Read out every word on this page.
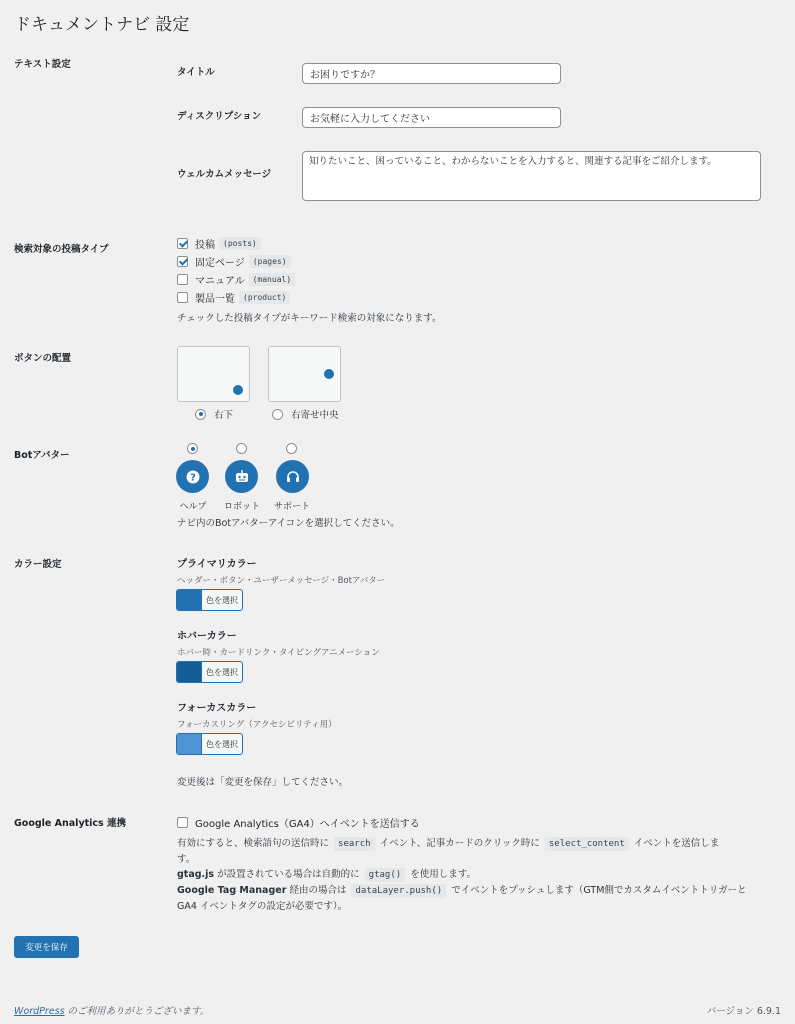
ドキュメントナビ 設定
テキスト設定
タイトル
お困りですか？
ディスクリプション
お気軽に入力してください
ウェルカムメッセージ
知りたいこと、困っていること、わからないことを入力すると、関連する記事をご紹介します。
検索対象の投稿タイプ	投稿	(posts)
固定ページ	(pages)
マニュアル	(manual)
製品一覧	(product)
チェックした投稿タイプがキーワード検索の対象になります。
ボタンの配置
右下	右寄せ中央
Botアバター
?
ヘルプ	ロボット	サポート
ナビ内のBotアバターアイコンを選択してください。
カラー設定	プライマリカラー
ヘッダー・ボタン・ユーザーメッセージ・Botアバター
色を選択
ホバーカラー
ホバー時・カードリンク・タイピングアニメーション
色を選択
フォーカスカラー
フォーカスリング（アクセシビリティ用）
色を選択
変更後は「変更を保存」してください。
Google Analytics 連携	Google Analytics（GA4）へイベントを送信する
有効にすると、検索語句の送信時に search イベント、記事カードのクリック時に select_content イベントを送信しま
す。
gtag.js が設置されている場合は自動的に gtag() を使用します。
Google Tag Manager 経由の場合は dataLayer.push() でイベントをプッシュします（GTM側でカスタムイベントトリガーと
GA4 イベントタグの設定が必要です）。
変更を保存
WordPress のご利用ありがとうございます。	バージョン 6.9.1
